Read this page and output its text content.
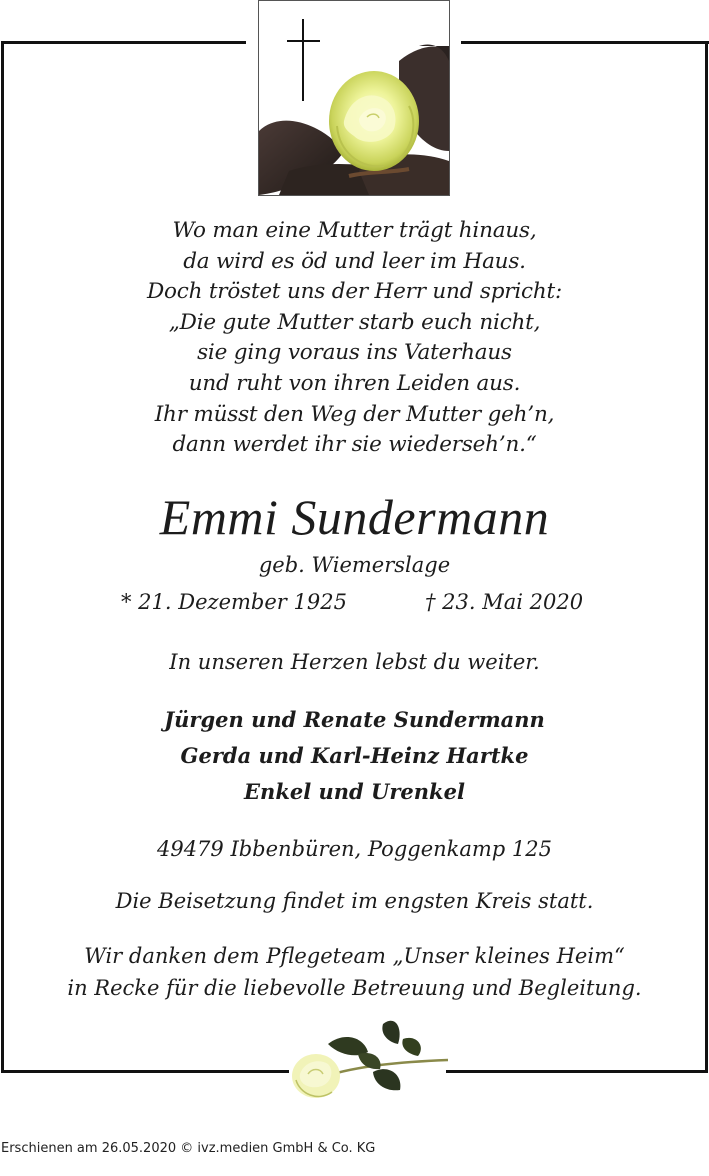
Wo man eine Mutter trägt hinaus,
da wird es öd und leer im Haus.
Doch tröstet uns der Herr und spricht:
„Die gute Mutter starb euch nicht,
sie ging voraus ins Vaterhaus
und ruht von ihren Leiden aus.
Ihr müsst den Weg der Mutter geh’n,
dann werdet ihr sie wiederseh’n.“
Emmi Sundermann
geb. Wiemerslage
* 21. Dezember 1925	† 23. Mai 2020
In unseren Herzen lebst du weiter.
Jürgen und Renate Sundermann
Gerda und Karl-Heinz Hartke
Enkel und Urenkel
49479 Ibbenbüren, Poggenkamp 125
Die Beisetzung findet im engsten Kreis statt.
Wir danken dem Pflegeteam „Unser kleines Heim“
in Recke für die liebevolle Betreuung und Begleitung.
Erschienen am 26.05.2020 © ivz.medien GmbH & Co. KG
